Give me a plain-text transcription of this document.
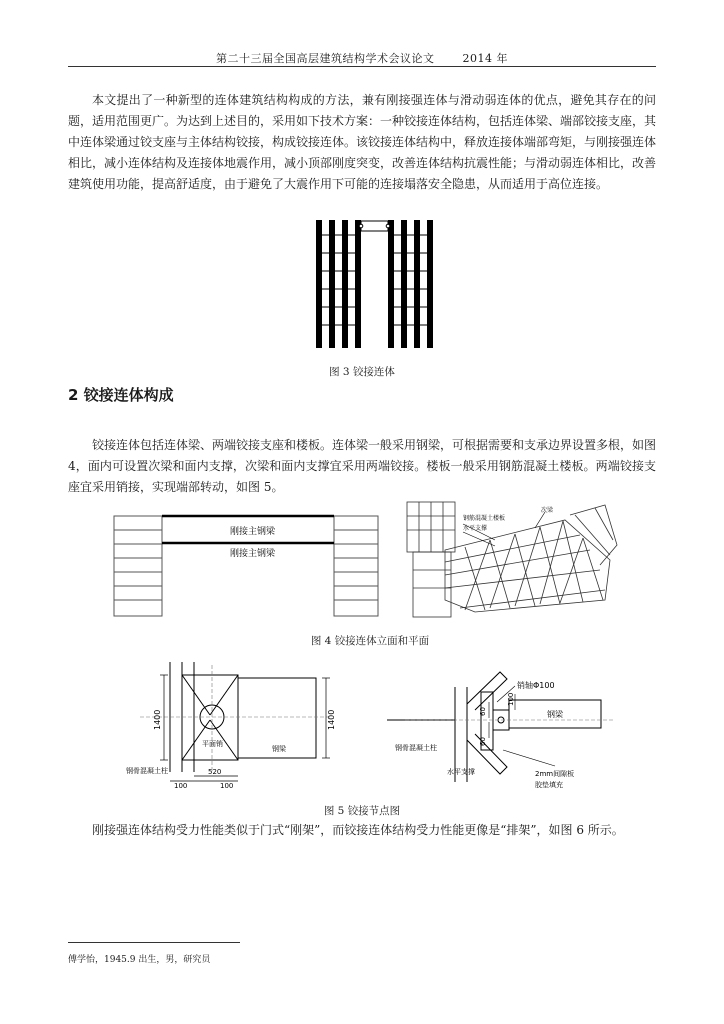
第二十三届全国高层建筑结构学术会议论文	2014 年
本文提出了一种新型的连体建筑结构构成的方法，兼有刚接强连体与滑动弱连体的优点，避免其存在的问题，适用范围更广。为达到上述目的，采用如下技术方案：一种铰接连体结构，包括连体梁、端部铰接支座，其中连体梁通过铰支座与主体结构铰接，构成铰接连体。该铰接连体结构中，释放连接体端部弯矩，与刚接强连体相比，减小连体结构及连接体地震作用，减小顶部刚度突变，改善连体结构抗震性能；与滑动弱连体相比，改善建筑使用功能，提高舒适度，由于避免了大震作用下可能的连接塌落安全隐患，从而适用于高位连接。
图 3 铰接连体
2 铰接连体构成
铰接连体包括连体梁、两端铰接支座和楼板。连体梁一般采用钢梁，可根据需要和支承边界设置多根，如图 4，面内可设置次梁和面内支撑，次梁和面内支撑宜采用两端铰接。楼板一般采用钢筋混凝土楼板。两端铰接支座宜采用销接，实现端部转动，如图 5。
刚接主钢梁
刚接主钢梁
钢筋混凝土楼板
水平支撑
次梁
图 4 铰接连体立面和平面
1400	1400
平面销
钢梁
钢骨混凝土柱	520
100	100
销轴Φ100
100
60
60
钢梁
钢骨混凝土柱
水平支撑	2mm间隙板
胶垫填充
图 5 铰接节点图
刚接强连体结构受力性能类似于门式“刚架”，而铰接连体结构受力性能更像是“排架”，如图 6 所示。
傅学怡，1945.9 出生，男，研究员
